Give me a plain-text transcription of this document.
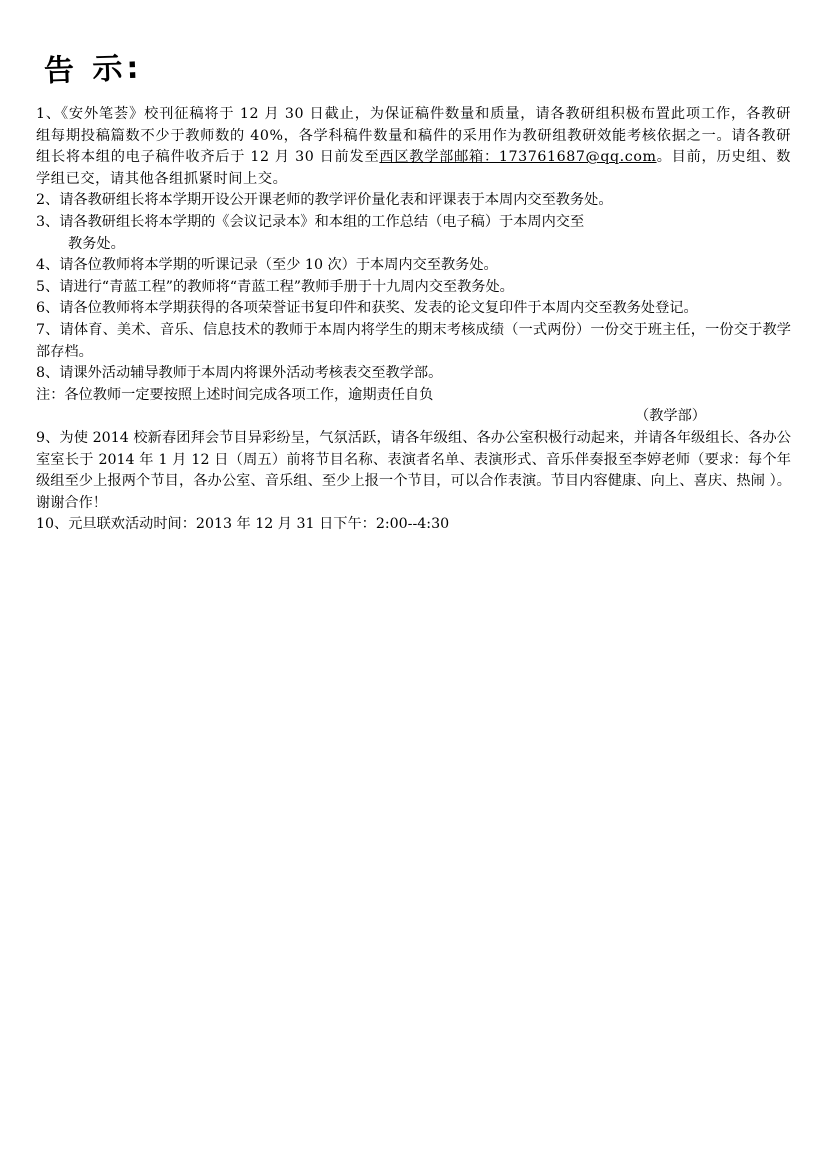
告 示:

1、《安外笔荟》校刊征稿将于 12 月 30 日截止，为保证稿件数量和质量，请各教研组积极布置此项工作，各教研组每期投稿篇数不少于教师数的 40%，各学科稿件数量和稿件的采用作为教研组教研效能考核依据之一。请各教研组长将本组的电子稿件收齐后于 12 月 30 日前发至西区教学部邮箱：173761687@qq.com。目前，历史组、数学组已交，请其他各组抓紧时间上交。

2、请各教研组长将本学期开设公开课老师的教学评价量化表和评课表于本周内交至教务处。

3、请各教研组长将本学期的《会议记录本》和本组的工作总结（电子稿）于本周内交至

教务处。

4、请各位教师将本学期的听课记录（至少 10 次）于本周内交至教务处。

5、请进行“青蓝工程”的教师将“青蓝工程”教师手册于十九周内交至教务处。

6、请各位教师将本学期获得的各项荣誉证书复印件和获奖、发表的论文复印件于本周内交至教务处登记。

7、请体育、美术、音乐、信息技术的教师于本周内将学生的期末考核成绩（一式两份）一份交于班主任，一份交于教学部存档。

8、请课外活动辅导教师于本周内将课外活动考核表交至教学部。

注：各位教师一定要按照上述时间完成各项工作，逾期责任自负

（教学部）

9、为使 2014 校新春团拜会节目异彩纷呈，气氛活跃，请各年级组、各办公室积极行动起来，并请各年级组长、各办公室室长于 2014 年 1 月 12 日（周五）前将节目名称、表演者名单、表演形式、音乐伴奏报至李婷老师（要求：每个年级组至少上报两个节目，各办公室、音乐组、至少上报一个节目，可以合作表演。节目内容健康、向上、喜庆、热闹 ）。谢谢合作！

10、元旦联欢活动时间：2013 年 12 月 31 日下午：2:00--4:30
